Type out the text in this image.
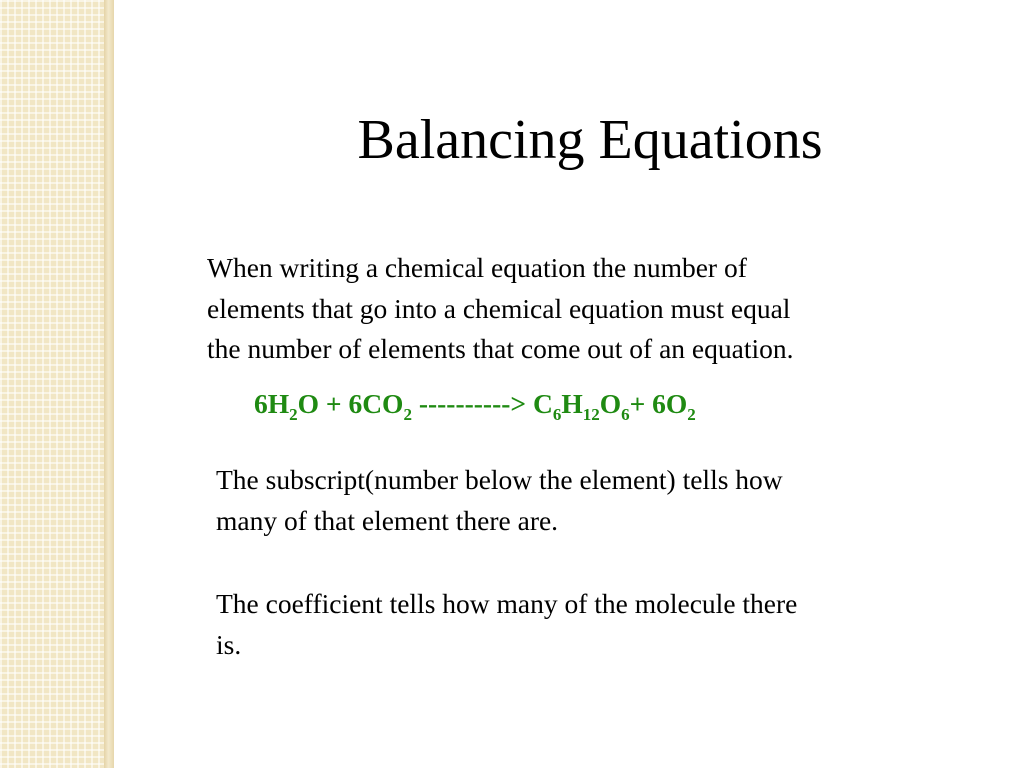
Balancing Equations

When writing a chemical equation the number of
elements that go into a chemical equation must equal
the number of elements that come out of an equation.

$6H_2O + 6CO_2$ ----------> $C_6H_{12}O_6+ 6O_2$

The subscript(number below the element) tells how
many of that element there are.

The coefficient tells how many of the molecule there
is.
